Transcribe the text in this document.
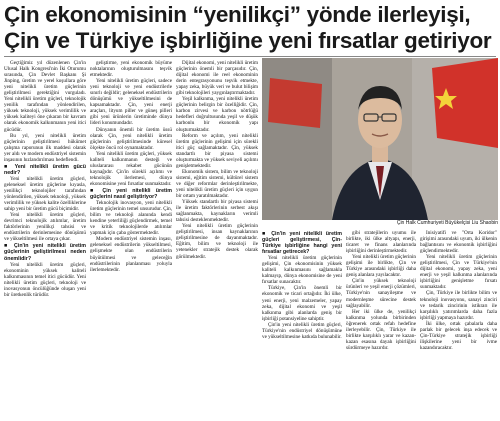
Çin ekonomisinin “yenilikçi” yönde ilerleyişi,
Çin ve Türkiye işbirliğine yeni fırsatlar getiriyor

Geçtiğimiz yıl düzenlenen Çin'in Ulusal Halk Kongresi'nin İki Oturumu sırasında, Çin Devlet Başkanı Şi Jinping, üretim ve yerel koşullara göre yeni nitelikli üretim güçlerinin geliştirilmesi gerektiğini vurguladı. Yeni nitelikli üretim güçleri, teknolojik yenilik tarafından yönlendirilen, yüksek teknoloji, yüksek verimlilik ve yüksek kaliteyi öne çıkaran bir kavram olarak ekonomik kalkınmanın yeni itici gücüdür.

Bu yıl, yeni nitelikli üretim güçlerinin geliştirilmesi hükümet çalışma raporunun ilk maddesi olarak yer aldı ve modern endüstriyel sistemin inşasının hızlandırılması hedeflendi.

■ Yeni nitelikli üretim gücü nedir?

Yeni nitelikli üretim güçleri, geleneksel üretim güçlerine kıyasla, yenilikçi teknolojiler tarafından yönlendirilen, yüksek teknoloji, yüksek verimlilik ve yüksek kalite özelliklerine sahip yeni bir üretim gücü biçimidir.

Yeni nitelikli üretim güçleri, devrimci teknolojik atılımlar, üretim faktörlerinin yenilikçi tahsisi ve endüstrilerin derinlemesine dönüşümü ve yükseltilmesi ile ortaya çıkar.

■ Çin'in yeni nitelikli üretim güçlerinin geliştirilmesi neden önemlidir?

Yeni nitelikli üretim güçleri, ekonominin yüksek kaliteli kalkınmasının temel itici gücüdür. Yeni nitelikli üretim güçleri, teknoloji ve inovasyonun öncülüğünde oluşan yeni bir üretkenlik türüdür.

geliştirme, yeni ekonomik büyüme noktalarının oluşturulmasını teşvik etmektedir.

Yeni nitelikli üretim güçleri, sadece yeni teknoloji ve yeni endüstrilerle sınırlı değildir; geleneksel endüstrilerin dönüşümü ve yükseltilmesini de kapsamaktadır. Çin, yeni enerji araçları, lityum piller ve güneş pilleri gibi yeni ürünlerin üretiminde dünya lideri konumundadır.

Dünyanın önemli bir üretim üssü olarak Çin, yeni nitelikli üretim güçlerinin geliştirilmesinde küresel ölçekte öncü rol oynamaktadır.

Yeni nitelikli üretim güçleri, yüksek kaliteli kalkınmanın desteği ve uluslararası rekabet gücünün kaynağıdır. Çin'in sürekli açılımı ve teknolojik ilerlemesi, dünya ekonomisine yeni fırsatlar sunmaktadır.

■ Çin yeni nitelikli üretim güçlerini nasıl geliştiriyor?

Teknolojik inovasyon, yeni nitelikli üretim güçlerinin temel unsurudur. Çin, bilim ve teknoloji alanında kendi kendine yeterliliği güçlendirmek, temel ve kritik teknolojilerde atılımlar yapmak için çaba göstermektedir.

Modern endüstriyel sistemin inşası, geleneksel endüstrilerin yükseltilmesi, gelişmekte olan endüstrilerin büyütülmesi ve geleceğin endüstrilerinin planlanması yoluyla ilerlemektedir.

Dijital ekonomi, yeni nitelikli üretim güçlerinin önemli bir parçasıdır. Çin, dijital ekonomi ile reel ekonominin derin entegrasyonunu teşvik etmekte, yapay zeka, büyük veri ve bulut bilişim gibi teknolojileri yaygınlaştırmaktadır.

Yeşil kalkınma, yeni nitelikli üretim güçlerinin belirgin bir özelliğidir. Çin, karbon zirvesi ve karbon nötrlüğü hedefleri doğrultusunda yeşil ve düşük karbonlu bir ekonomik yapı oluşturmaktadır.

Reform ve açılım, yeni nitelikli üretim güçlerinin gelişimi için sürekli itici güç sağlamaktadır. Çin, yüksek standartlı bir piyasa sistemi oluşturmakta ve yüksek seviyeli açılımı genişletmektedir.

Ekonomik sistem, bilim ve teknoloji sistemi, eğitim sistemi, kültürel sistem ve diğer reformlar derinleştirilmekte, yeni nitelikli üretim güçleri için uygun bir ortam yaratılmaktadır.

Yüksek standartlı bir piyasa sistemi ile üretim faktörlerinin serbest akışı sağlanmakta, kaynakların verimli tahsisi desteklenmektedir.

Yeni nitelikli üretim güçlerinin geliştirilmesi, insan kaynaklarının geliştirilmesine de dayanmaktadır. Eğitim, bilim ve teknoloji ile yetenekler stratejik destek olarak görülmektedir.

Çin Halk Cumhuriyeti Büyükelçisi Liu Shaobin

■ Çin'in yeni nitelikli üretim güçleri geliştirmesi, Çin-Türkiye işbirliğine hangi yeni fırsatlar getirecek?

Yeni nitelikli üretim güçlerinin gelişimi, Çin ekonomisinin yüksek kaliteli kalkınmasını sağlamakla kalmayıp, dünya ekonomisine de yeni fırsatlar sunacaktır.

Türkiye, Çin'in önemli bir ekonomik ve ticari ortağıdır. İki ülke, yeni enerji, yeni malzemeler, yapay zeka, dijital ekonomi ve yeşil kalkınma gibi alanlarda geniş bir işbirliği potansiyeline sahiptir.

Çin'in yeni nitelikli üretim güçleri, Türkiye'nin endüstriyel dönüşümüne ve yükseltilmesine katkıda bulunabilir.

gibi stratejilerin uyumu ile birlikte, iki ülke altyapı, enerji, ticaret ve finans alanlarında işbirliğini derinleştirmektedir.

Yeni nitelikli üretim güçlerinin gelişimi ile birlikte, Çin ve Türkiye arasındaki işbirliği daha geniş alanlara yayılacaktır.

Çin'in yüksek teknoloji ürünleri ve yeşil enerji çözümleri, Türkiye'nin sanayileşme ve modernleşme sürecine destek sağlayabilir.

Her iki ülke de, yenilikçi kalkınma yolunda birbirinden öğrenerek ortak refah hedefine ilerleyebilir. Çin, Türkiye ile birlikte karşılıklı yarar ve kazan-kazan esasına dayalı işbirliğini sürdürmeye hazırdır.

İnisiyatifi ve "Orta Koridor" girişimi arasındaki uyum, iki ülkenin bağlantısını ve ekonomik işbirliğini güçlendirmektedir.

Yeni nitelikli üretim güçlerinin geliştirilmesi, Çin ve Türkiye'nin dijital ekonomi, yapay zeka, yeni enerji ve yeşil kalkınma alanlarında işbirliğini genişletme fırsatı sunmaktadır.

Çin, Türkiye ile birlikte bilim ve teknoloji inovasyonu, sanayi zinciri ve tedarik zincirinin istikrarı ile karşılıklı yatırımlarda daha fazla işbirliği yapmaya hazırdır.

İki ülke, ortak çabalarla daha parlak bir gelecek inşa edecek ve Çin-Türkiye stratejik işbirliği ilişkilerine yeni bir ivme kazandıracaktır.
